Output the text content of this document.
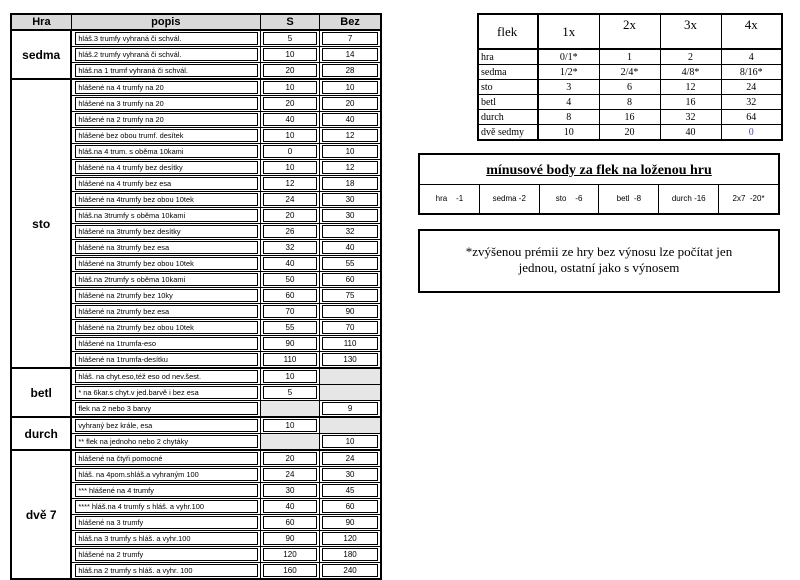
Hra	popis	S	Bez
sedma	hláš.3 trumfy vyhraná či schvál.	5	7

	hláš.2 trumfy vyhraná či schvál.	10	14

	hláš.na 1 trumf vyhraná či schvál.	20	28

sto	hlášené na 4 trumfy na 20	10	10

	hlášené na 3 trumfy na 20	20	20

	hlášené na 2 trumfy na 20	40	40

	hlášené bez obou trumf. desítek	10	12

	hláš.na 4 trum. s oběma 10kami	0	10

	hlášené na 4 trumfy bez desítky	10	12

	hlášené na 4 trumfy bez esa	12	18

	hlášené na 4trumfy bez obou 10tek	24	30

	hláš.na 3trumfy s oběma 10kami	20	30

	hlášené na 3trumfy bez desítky	26	32

	hlášené na 3trumfy bez esa	32	40

	hlášené na 3trumfy bez obou 10tek	40	55

	hláš.na 2trumfy s oběma 10kami	50	60

	hlášené na 2trumfy bez 10ky	60	75

	hlášené na 2trumfy bez esa	70	90

	hlášené na 2trumfy bez obou 10tek	55	70

	hlášené na 1trumfa-eso	90	110

	hlášené na 1trumfa-desítku	110	130

betl	hláš. na chyt.eso,též eso od nev.šest.	10	

	* na 6kar.s chyt.v jed.barvě i bez esa	5	

	flek na 2 nebo 3 barvy		9

durch	vyhraný bez krále, esa	10	

	** flek na jednoho nebo 2 chytáky		10

dvě 7	hlášené na čtyři pomocné	20	24

	hláš. na 4pom.shláš.a vyhraným 100	24	30

	*** hlášené na 4 trumfy	30	45

	**** hláš.na 4 trumfy s hláš. a vyhr.100	40	60

	hlášené na 3 trumfy	60	90

	hláš.na 3 trumfy s hláš. a vyhr.100	90	120

	hlášené na 2 trumfy	120	180

	hláš.na 2 trumfy s hláš. a vyhr. 100	160	240
flek	1x	2x	3x	4x
hra	0/1*	1	2	4
sedma	1/2*	2/4*	4/8*	8/16*
sto	3	6	12	24
betl	4	8	16	32
durch	8	16	32	64
dvě sedmy	10	20	40	0
mínusové body za flek na loženou hru
hra    -1	sedma -2	sto    -6	betl  -8	durch -16	2x7  -20*
*zvýšenou prémii ze hry bez výnosu lze počítat jen
jednou, ostatní jako s výnosem
